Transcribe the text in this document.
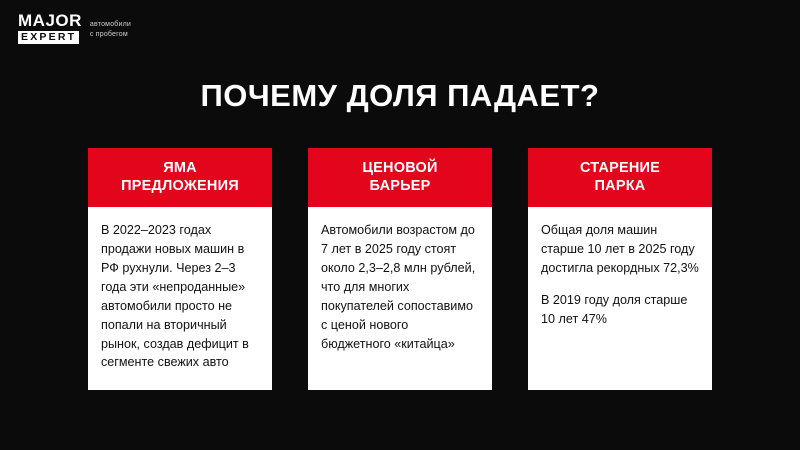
MAJOR
EXPERT
автомобили
с пробегом
ПОЧЕМУ ДОЛЯ ПАДАЕТ?
ЯМА
ПРЕДЛОЖЕНИЯ

В 2022–2023 годах продажи новых машин в РФ рухнули. Через 2–3 года эти «непроданные» автомобили просто не попали на вторичный рынок, создав дефицит в сегменте свежих авто

ЦЕНОВОЙ
БАРЬЕР

Автомобили возрастом до 7 лет в 2025 году стоят около 2,3–2,8 млн рублей, что для многих покупателей сопоставимо с ценой нового бюджетного «китайца»

СТАРЕНИЕ
ПАРКА

Общая доля машин старше 10 лет в 2025 году достигла рекордных 72,3%

В 2019 году доля старше 10 лет 47%
